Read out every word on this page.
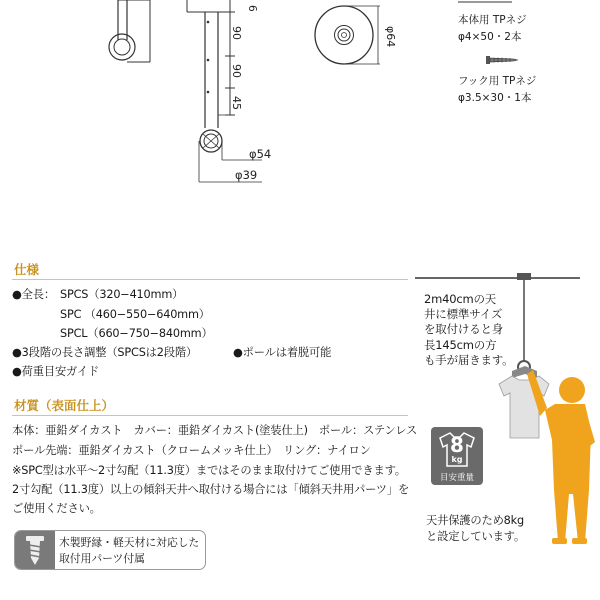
6
90
90
45
φ64
φ54
φ39
本体用 TPネジ
φ4×50・2本
フック用 TPネジ
φ3.5×30・1本
仕様
●全長： SPCS（320−410mm）
SPC （460−550−640mm）
SPCL（660−750−840mm）
●3段階の長さ調整（SPCSは2段階）	●ポールは着脱可能
●荷重目安ガイド
材質（表面仕上）
本体：亜鉛ダイカスト　カバー：亜鉛ダイカスト(塗装仕上)　ポール：ステンレス
ポール先端：亜鉛ダイカスト（クロームメッキ仕上）　リング：ナイロン
※SPC型は水平〜2寸勾配（11.3度）まではそのまま取付けてご使用できます。
2寸勾配（11.3度）以上の傾斜天井へ取付ける場合には「傾斜天井用パーツ」を
ご使用ください。
木製野縁・軽天材に対応した
取付用パーツ付属
2m40cmの天
井に標準サイズ
を取付けると身
長145cmの方
も手が届きます。
8
kg
目安重量
天井保護のため8kg
と設定しています。
